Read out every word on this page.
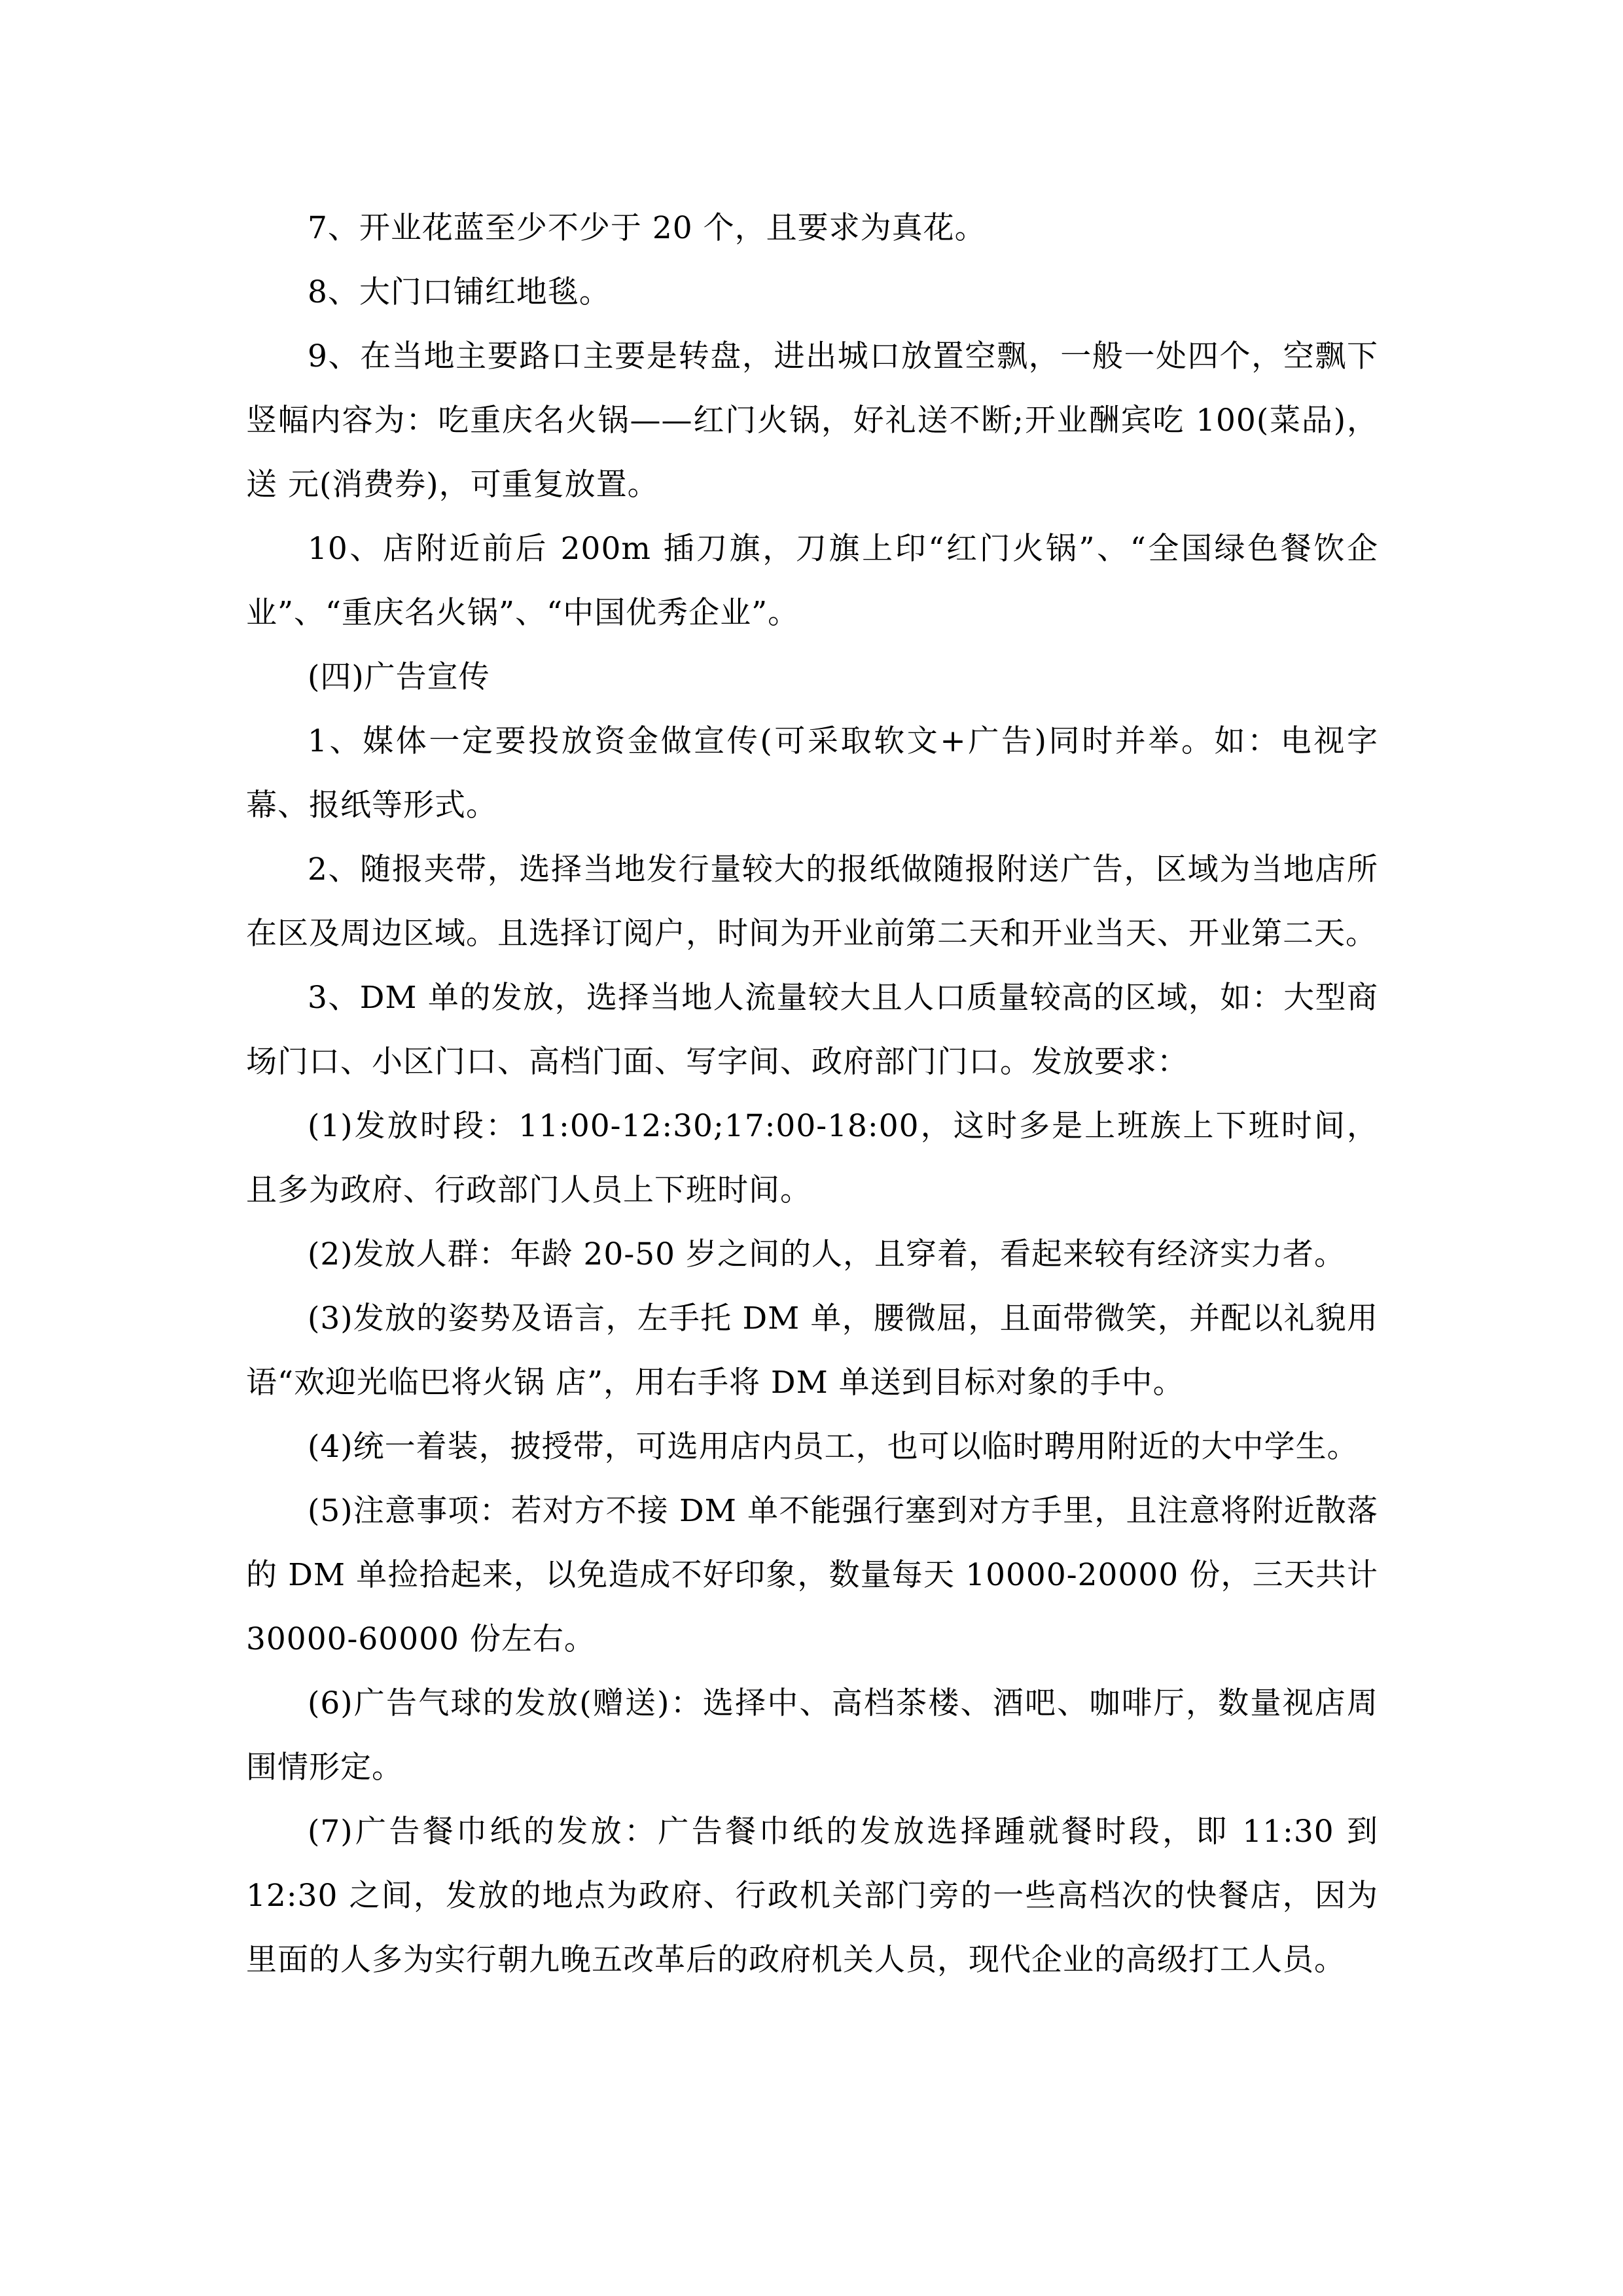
7、开业花蓝至少不少于 20 个，且要求为真花。

8、大门口铺红地毯。

9、在当地主要路口主要是转盘，进出城口放置空飘，一般一处四个，空飘下竖幅内容为：吃重庆名火锅——红门火锅，好礼送不断;开业酬宾吃 100(菜品)，送 元(消费券)，可重复放置。

10、店附近前后 200m 插刀旗，刀旗上印“红门火锅”、“全国绿色餐饮企业”、“重庆名火锅”、“中国优秀企业”。

(四)广告宣传

1、媒体一定要投放资金做宣传(可采取软文+广告)同时并举。如：电视字幕、报纸等形式。

2、随报夹带，选择当地发行量较大的报纸做随报附送广告，区域为当地店所在区及周边区域。且选择订阅户，时间为开业前第二天和开业当天、开业第二天。

3、DM 单的发放，选择当地人流量较大且人口质量较高的区域，如：大型商场门口、小区门口、高档门面、写字间、政府部门门口。发放要求：

(1)发放时段：11:00-12:30;17:00-18:00，这时多是上班族上下班时间，且多为政府、行政部门人员上下班时间。

(2)发放人群：年龄 20-50 岁之间的人，且穿着，看起来较有经济实力者。

(3)发放的姿势及语言，左手托 DM 单，腰微屈，且面带微笑，并配以礼貌用语“欢迎光临巴将火锅 店”，用右手将 DM 单送到目标对象的手中。

(4)统一着装，披授带，可选用店内员工，也可以临时聘用附近的大中学生。

(5)注意事项：若对方不接 DM 单不能强行塞到对方手里，且注意将附近散落的 DM 单捡拾起来，以免造成不好印象，数量每天 10000-20000 份，三天共计30000-60000 份左右。

(6)广告气球的发放(赠送)：选择中、高档茶楼、酒吧、咖啡厅，数量视店周围情形定。

(7)广告餐巾纸的发放：广告餐巾纸的发放选择踵就餐时段，即 11:30 到12:30 之间，发放的地点为政府、行政机关部门旁的一些高档次的快餐店，因为里面的人多为实行朝九晚五改革后的政府机关人员，现代企业的高级打工人员。
